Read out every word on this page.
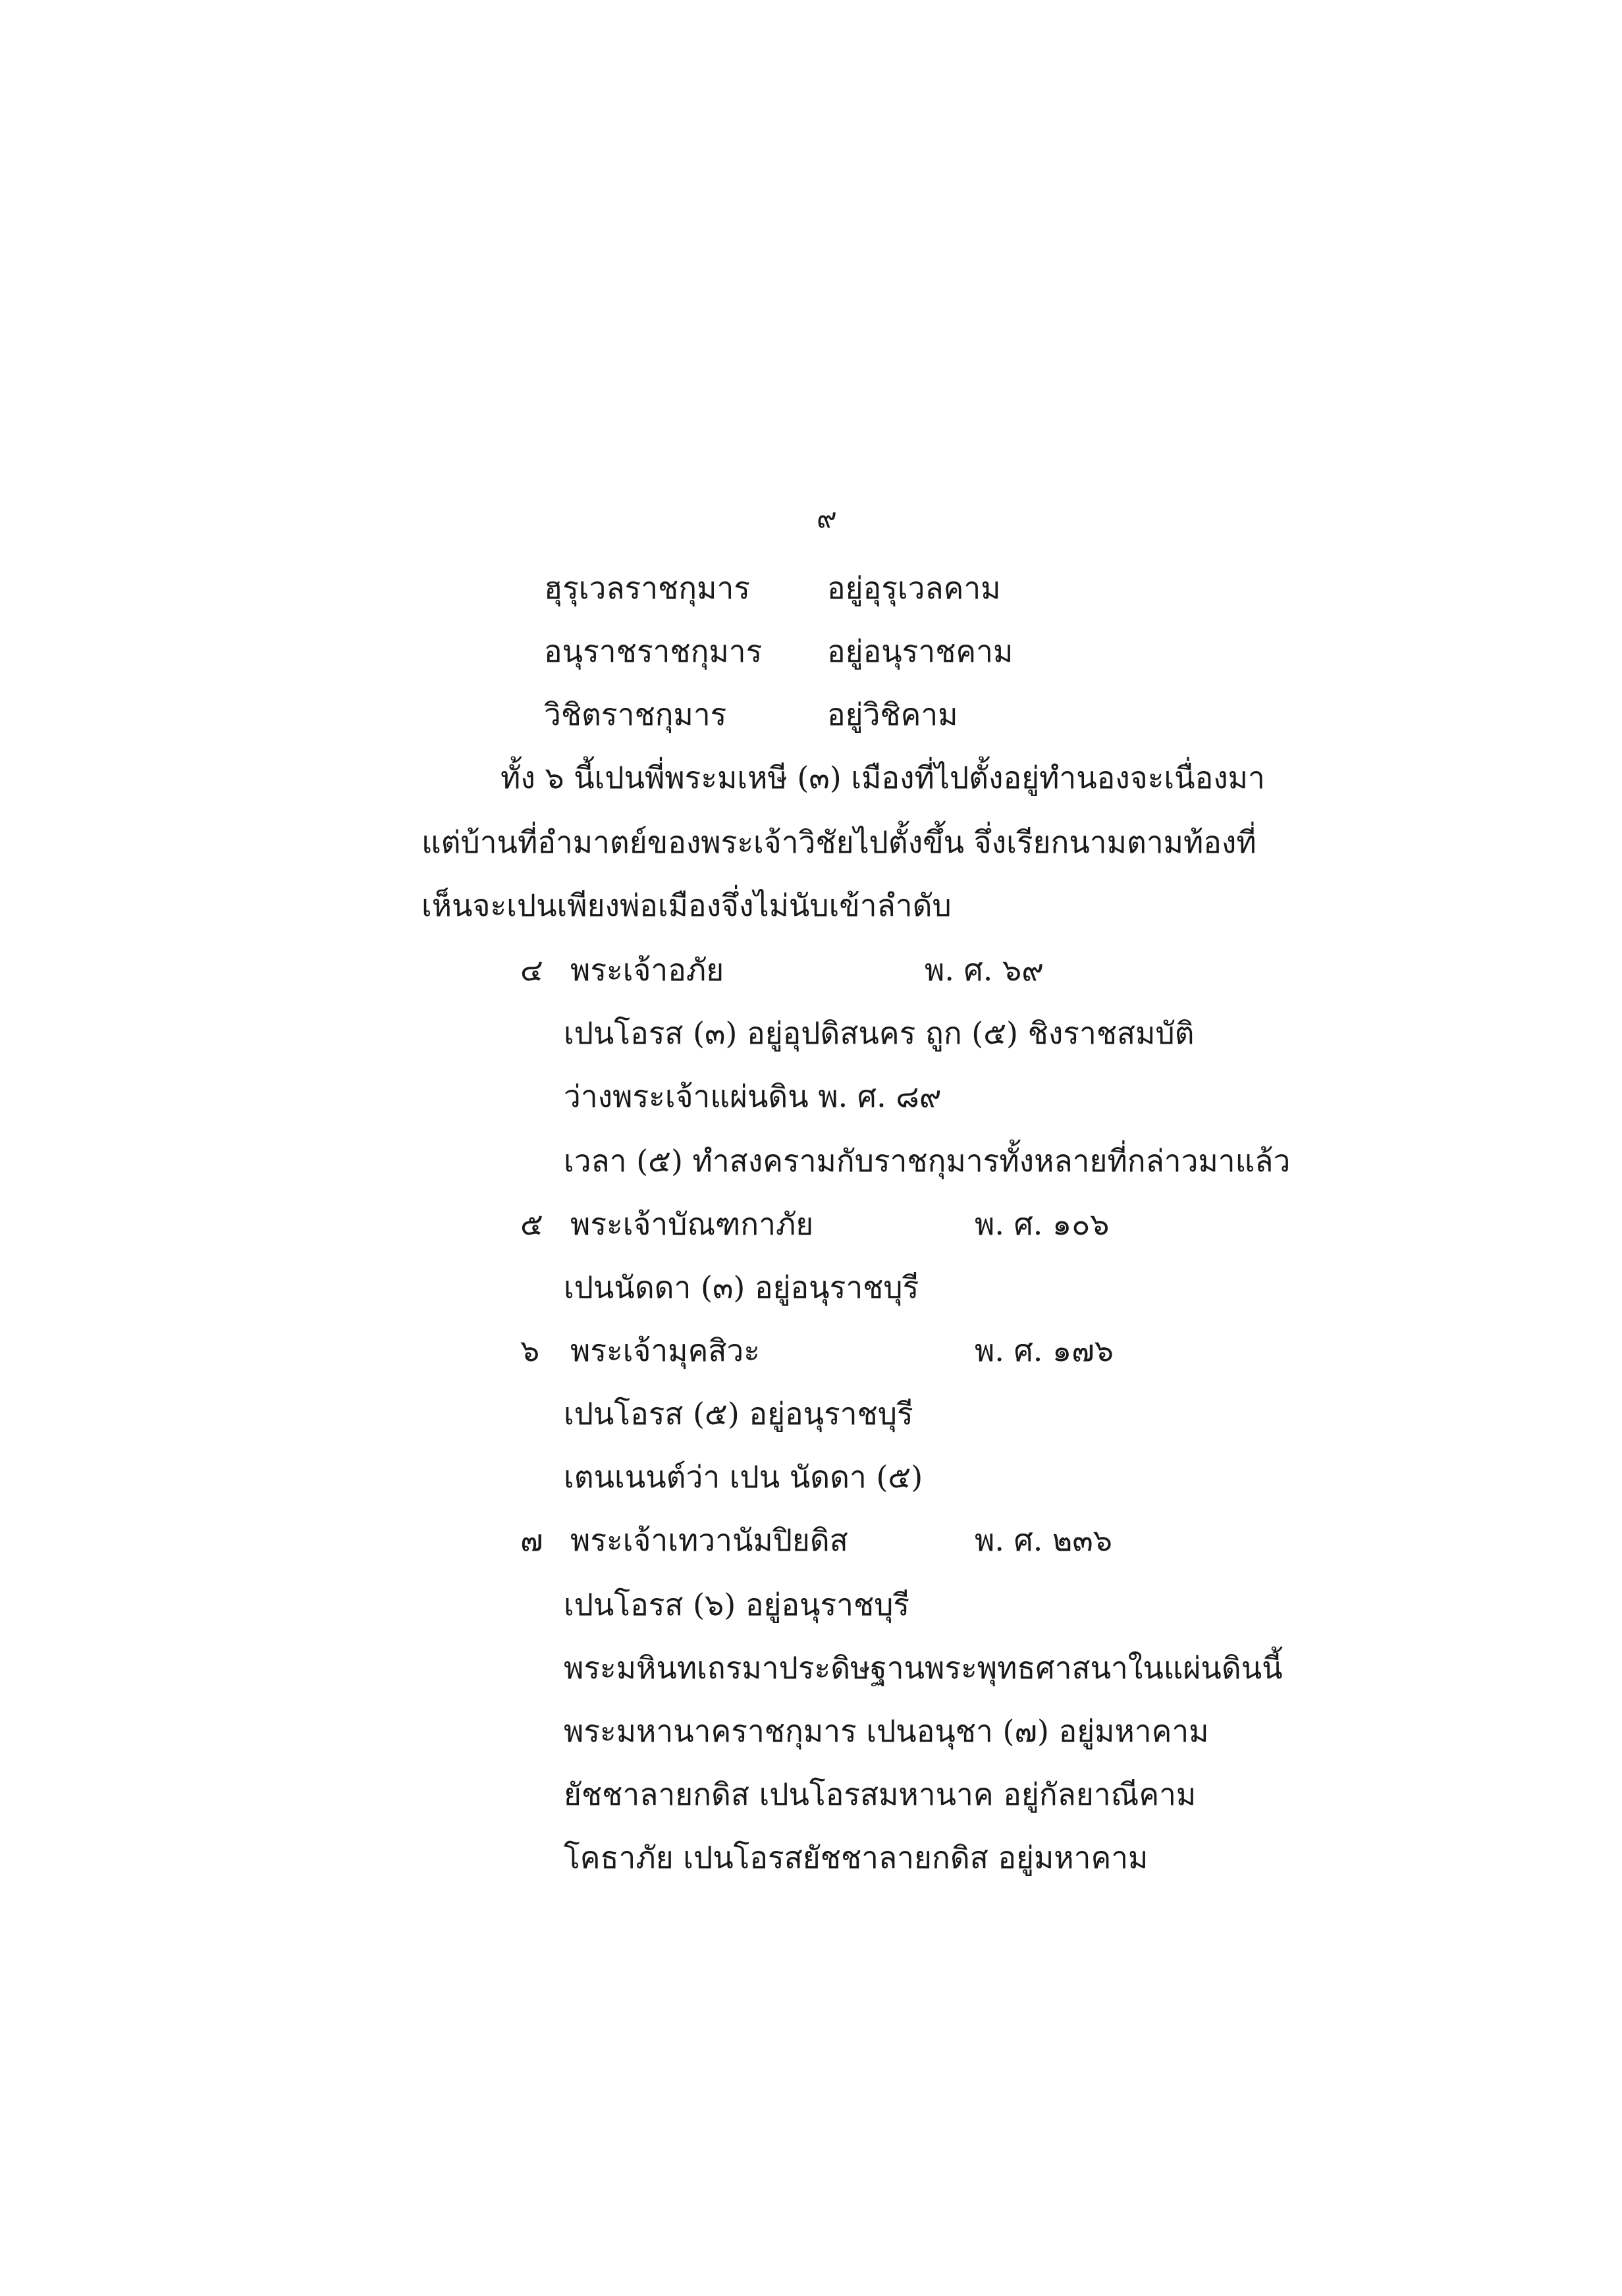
๙
ฮุรุเวลราชกุมาร	อยู่อุรุเวลคาม
อนุราชราชกุมาร อยู่อนุราชคาม
วิชิตราชกุมาร	อยู่วิชิคาม
ทั้ง ๖ นี้เปนพี่พระมเหษี (๓) เมืองที่ไปตั้งอยู่ทำนองจะเนื่องมา
แต่บ้านที่อำมาตย์ของพระเจ้าวิชัยไปตั้งขึ้น จึ่งเรียกนามตามท้องที่
เห็นจะเปนเพียงพ่อเมืองจึ่งไม่นับเข้าลำดับ
๔ พระเจ้าอภัย	พ. ศ. ๖๙
เปนโอรส (๓) อยู่อุปดิสนคร ถูก (๕) ชิงราชสมบัติ
ว่างพระเจ้าแผ่นดิน พ. ศ. ๘๙
เวลา (๕) ทำสงครามกับราชกุมารทั้งหลายที่กล่าวมาแล้ว
๕ พระเจ้าบัณฑกาภัย	พ. ศ. ๑๐๖
เปนนัดดา (๓) อยู่อนุราชบุรี
๖ พระเจ้ามุคสิวะ	พ. ศ. ๑๗๖
เปนโอรส (๕) อยู่อนุราชบุรี
เตนเนนต์ว่า เปน นัดดา (๕)
๗ พระเจ้าเทวานัมปิยดิส	พ. ศ. ๒๓๖
เปนโอรส (๖) อยู่อนุราชบุรี
พระมหินทเถรมาประดิษฐานพระพุทธศาสนาในแผ่นดินนี้
พระมหานาคราชกุมาร เปนอนุชา (๗) อยู่มหาคาม
ยัชชาลายกดิส เปนโอรสมหานาค อยู่กัลยาณีคาม
โคธาภัย เปนโอรสยัชชาลายกดิส อยู่มหาคาม
